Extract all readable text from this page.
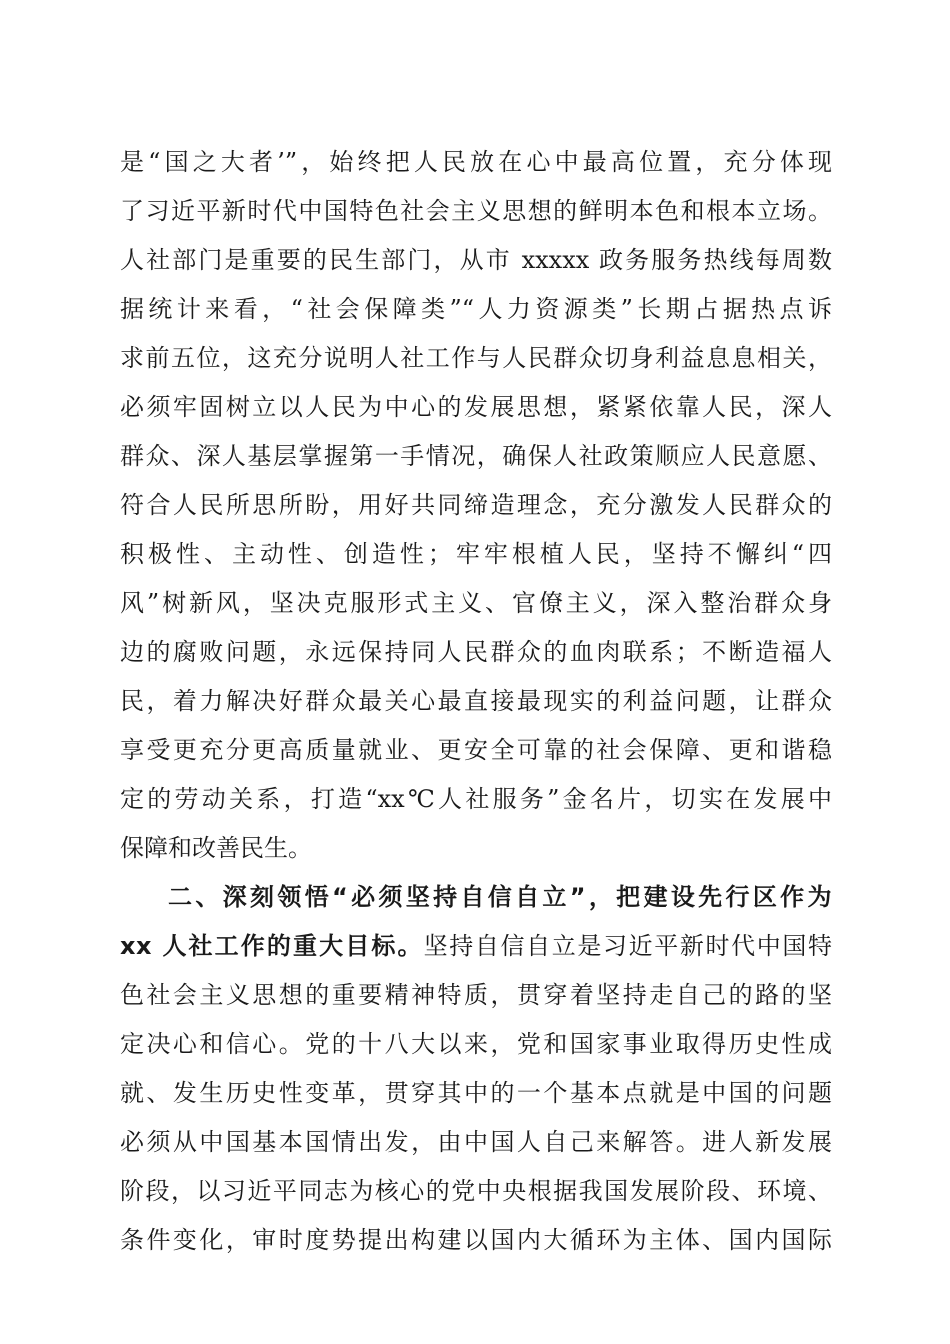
是“国之大者’”，始终把人民放在心中最高位置，充分体现
了习近平新时代中国特色社会主义思想的鲜明本色和根本立场。
人社部门是重要的民生部门，从市 xxxxx 政务服务热线每周数
据统计来看，“社会保障类”“人力资源类”长期占据热点诉
求前五位，这充分说明人社工作与人民群众切身利益息息相关，
必须牢固树立以人民为中心的发展思想，紧紧依靠人民，深人
群众、深人基层掌握第一手情况，确保人社政策顺应人民意愿、
符合人民所思所盼，用好共同缔造理念，充分激发人民群众的
积极性、主动性、创造性；牢牢根植人民，坚持不懈纠“四
风”树新风，坚决克服形式主义、官僚主义，深入整治群众身
边的腐败问题，永远保持同人民群众的血肉联系；不断造福人
民，着力解决好群众最关心最直接最现实的利益问题，让群众
享受更充分更高质量就业、更安全可靠的社会保障、更和谐稳
定的劳动关系，打造“xx℃人社服务”金名片，切实在发展中
保障和改善民生。
二、深刻领悟“必须坚持自信自立”，把建设先行区作为
xx 人社工作的重大目标。坚持自信自立是习近平新时代中国特
色社会主义思想的重要精神特质，贯穿着坚持走自己的路的坚
定决心和信心。党的十八大以来，党和国家事业取得历史性成
就、发生历史性变革，贯穿其中的一个基本点就是中国的问题
必须从中国基本国情出发，由中国人自己来解答。进人新发展
阶段，以习近平同志为核心的党中央根据我国发展阶段、环境、
条件变化，审时度势提出构建以国内大循环为主体、国内国际
